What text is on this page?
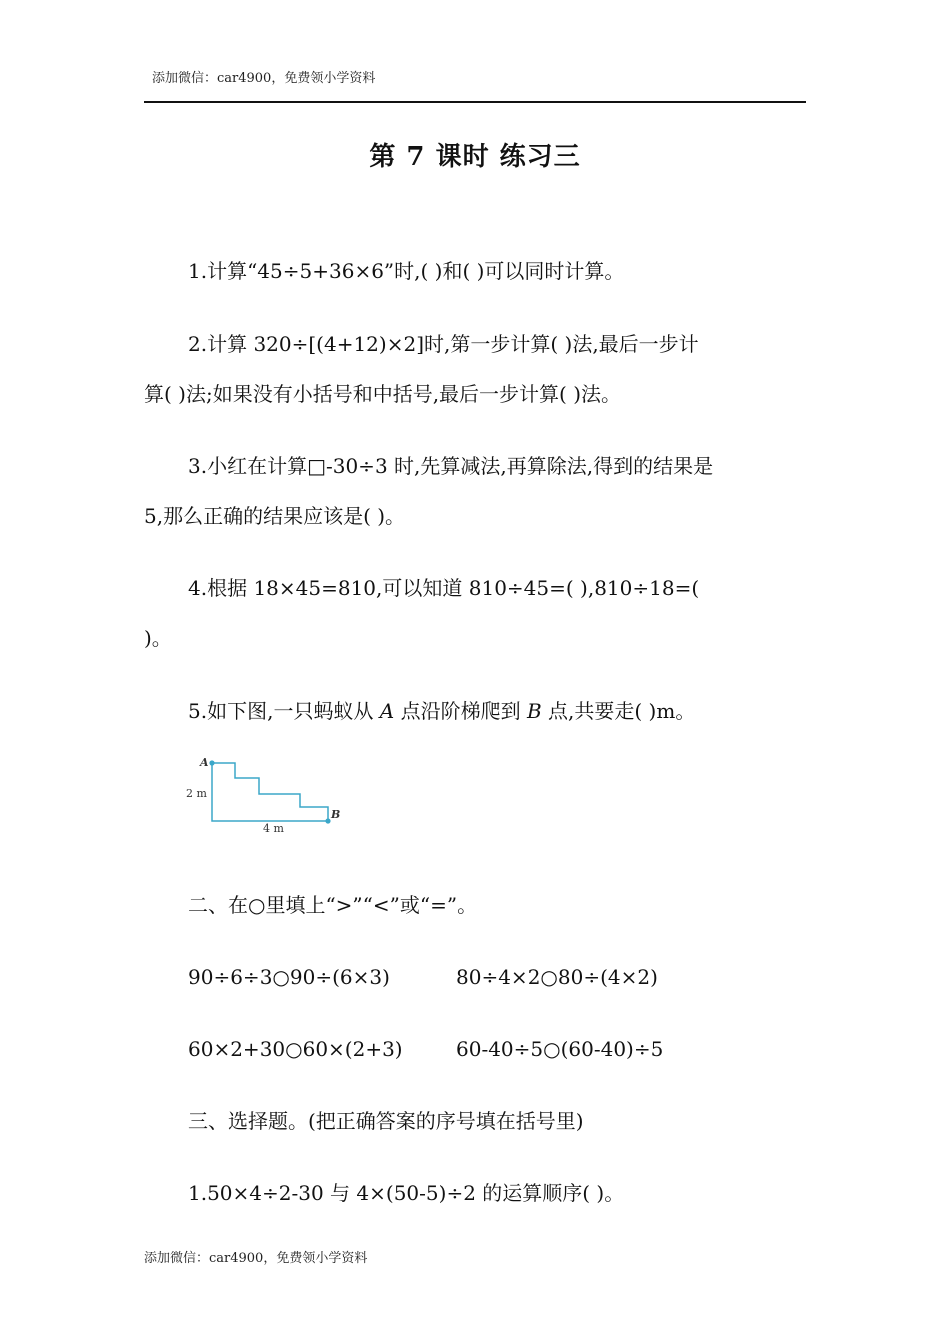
添加微信：car4900，免费领小学资料
第 7 课时 练习三
1.计算“45÷5+36×6”时,( )和( )可以同时计算。
2.计算 320÷[(4+12)×2]时,第一步计算( )法,最后一步计
算( )法;如果没有小括号和中括号,最后一步计算( )法。
3.小红在计算□-30÷3 时,先算减法,再算除法,得到的结果是
5,那么正确的结果应该是( )。
4.根据 18×45=810,可以知道 810÷45=( ),810÷18=(
)。
5.如下图,一只蚂蚁从 A 点沿阶梯爬到 B 点,共要走( )m。
A
B
2 m
4 m
二、在○里填上“>”“<”或“=”。
90÷6÷3○90÷(6×3)	80÷4×2○80÷(4×2)
60×2+30○60×(2+3)	60-40÷5○(60-40)÷5
三、选择题。(把正确答案的序号填在括号里)
1.50×4÷2-30 与 4×(50-5)÷2 的运算顺序( )。
添加微信：car4900，免费领小学资料
